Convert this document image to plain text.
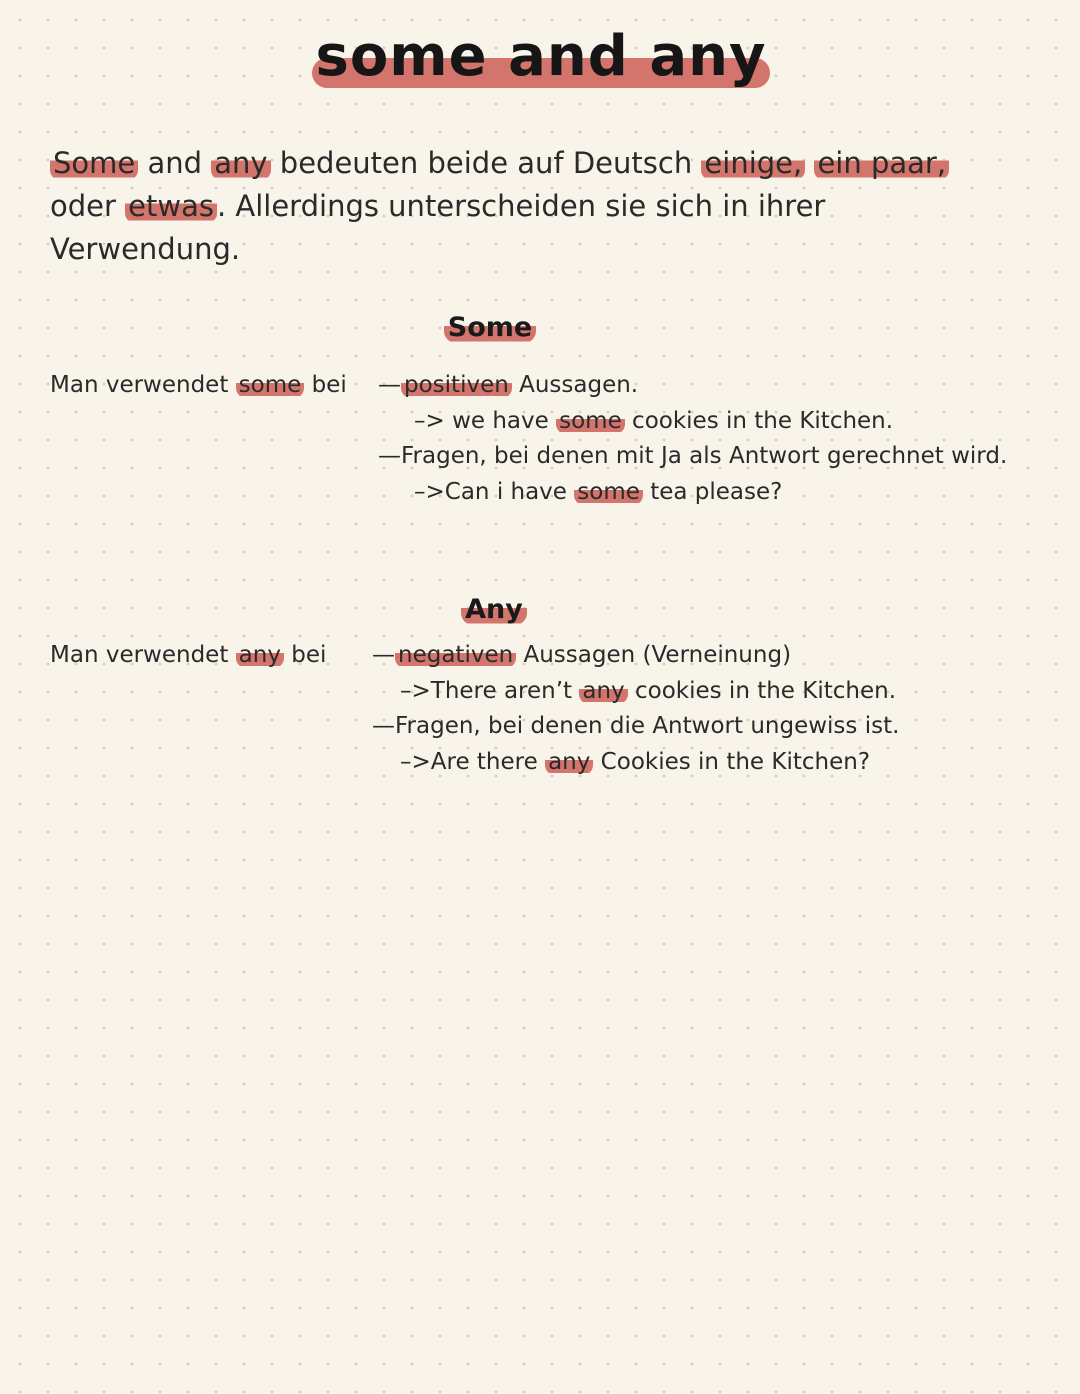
some and any
Some and any bedeuten beide auf Deutsch einige, ein paar,
oder etwas . Allerdings unterscheiden sie sich in ihrer
Verwendung.
Some
Man verwendet some bei — positiven Aussagen.
–> we have some cookies in the Kitchen.
—Fragen, bei denen mit Ja als Antwort gerechnet wird.
–>Can i have some tea please?
Any
Man verwendet any bei — negativen Aussagen (Verneinung)
–>There aren’t any cookies in the Kitchen.
—Fragen, bei denen die Antwort ungewiss ist.
–>Are there any Cookies in the Kitchen?
